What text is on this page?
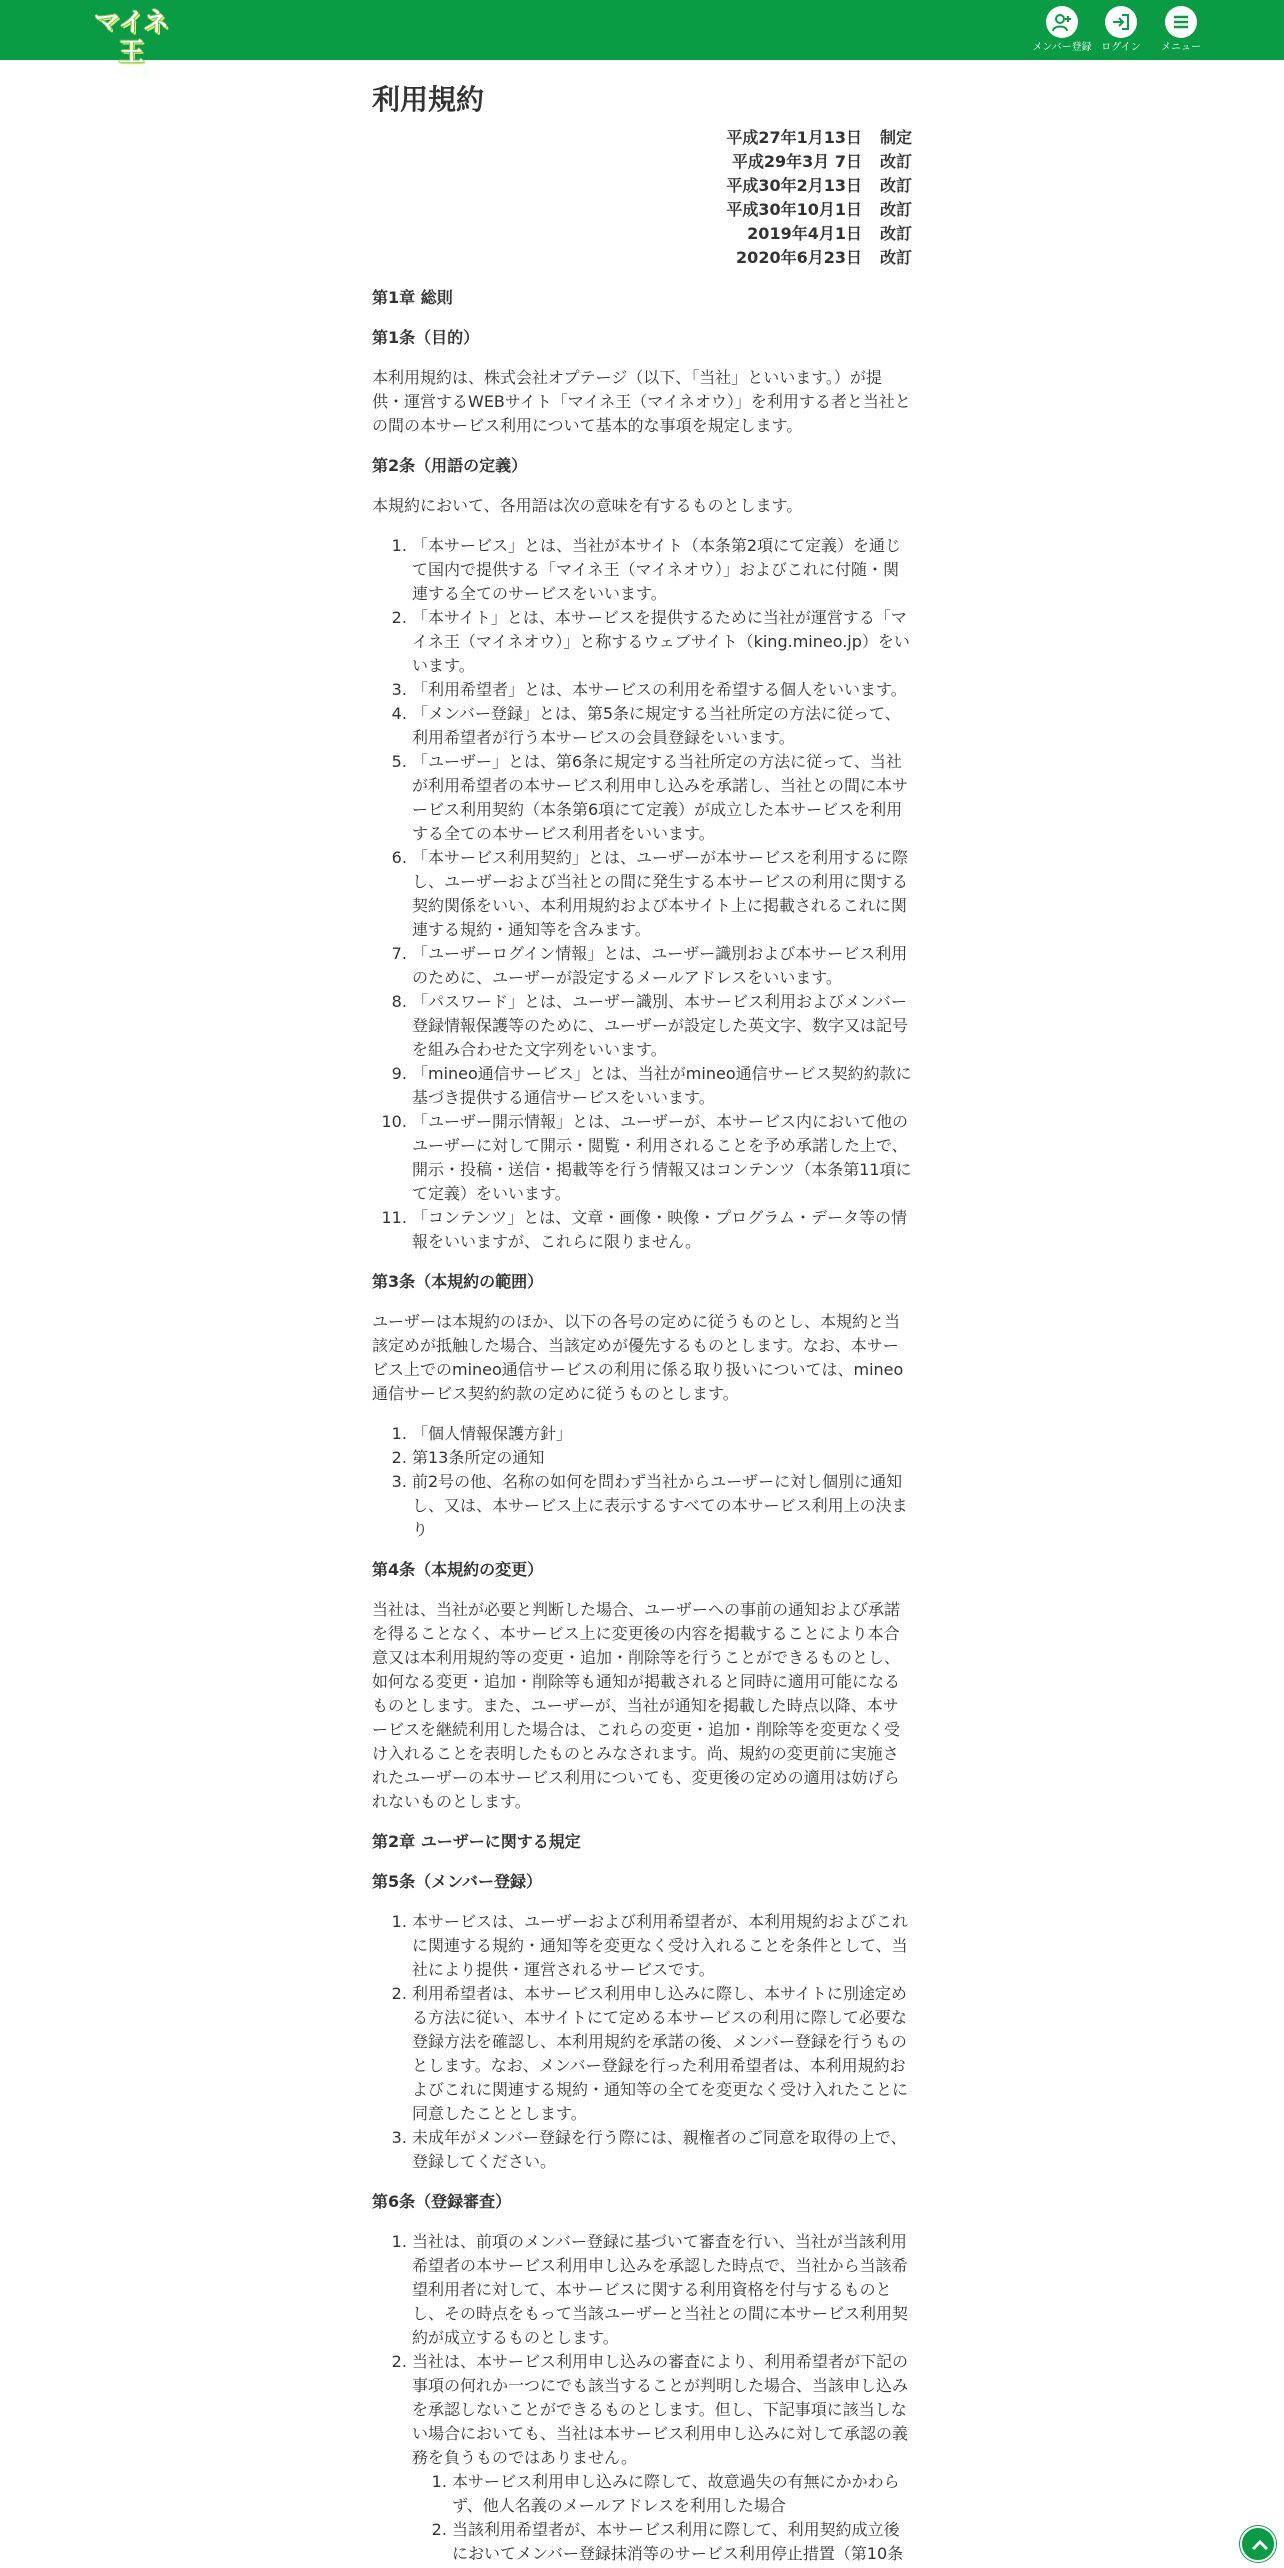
マイネ王
ベータ版
メンバー登録 ログイン	メニュー
利用規約
平成27年1月13日 制定
平成29年3月 7日 改訂
平成30年2月13日 改訂
平成30年10月1日 改訂
2019年4月1日 改訂
2020年6月23日 改訂
第1章 総則
第1条（目的）

本利用規約は、株式会社オプテージ（以下、「当社」といいます。）が提供・運営するWEBサイト「マイネ王（マイネオウ）」を利用する者と当社との間の本サービス利用について基本的な事項を規定します。

第2条（用語の定義）

本規約において、各用語は次の意味を有するものとします。

1. 「本サービス」とは、当社が本サイト（本条第2項にて定義）を通じて国内で提供する「マイネ王（マイネオウ）」およびこれに付随・関連する全てのサービスをいいます。
2. 「本サイト」とは、本サービスを提供するために当社が運営する「マイネ王（マイネオウ）」と称するウェブサイト（king.mineo.jp）をいいます。
3. 「利用希望者」とは、本サービスの利用を希望する個人をいいます。
4. 「メンバー登録」とは、第5条に規定する当社所定の方法に従って、利用希望者が行う本サービスの会員登録をいいます。
5. 「ユーザー」とは、第6条に規定する当社所定の方法に従って、当社が利用希望者の本サービス利用申し込みを承諾し、当社との間に本サービス利用契約（本条第6項にて定義）が成立した本サービスを利用する全ての本サービス利用者をいいます。
6. 「本サービス利用契約」とは、ユーザーが本サービスを利用するに際し、ユーザーおよび当社との間に発生する本サービスの利用に関する契約関係をいい、本利用規約および本サイト上に掲載されるこれに関連する規約・通知等を含みます。
7. 「ユーザーログイン情報」とは、ユーザー識別および本サービス利用のために、ユーザーが設定するメールアドレスをいいます。
8. 「パスワード」とは、ユーザー識別、本サービス利用およびメンバー登録情報保護等のために、ユーザーが設定した英文字、数字又は記号を組み合わせた文字列をいいます。
9. 「mineo通信サービス」とは、当社がmineo通信サービス契約約款に基づき提供する通信サービスをいいます。
10. 「ユーザー開示情報」とは、ユーザーが、本サービス内において他のユーザーに対して開示・閲覧・利用されることを予め承諾した上で、開示・投稿・送信・掲載等を行う情報又はコンテンツ（本条第11項にて定義）をいいます。
11. 「コンテンツ」とは、文章・画像・映像・プログラム・データ等の情報をいいますが、これらに限りません。
第3条（本規約の範囲）

ユーザーは本規約のほか、以下の各号の定めに従うものとし、本規約と当該定めが抵触した場合、当該定めが優先するものとします。なお、本サービス上でのmineo通信サービスの利用に係る取り扱いについては、mineo通信サービス契約約款の定めに従うものとします。

1. 「個人情報保護方針」
2. 第13条所定の通知
3. 前2号の他、名称の如何を問わず当社からユーザーに対し個別に通知し、又は、本サービス上に表示するすべての本サービス利用上の決まり
第4条（本規約の変更）

当社は、当社が必要と判断した場合、ユーザーへの事前の通知および承諾を得ることなく、本サービス上に変更後の内容を掲載することにより本合意又は本利用規約等の変更・追加・削除等を行うことができるものとし、如何なる変更・追加・削除等も通知が掲載されると同時に適用可能になるものとします。また、ユーザーが、当社が通知を掲載した時点以降、本サービスを継続利用した場合は、これらの変更・追加・削除等を変更なく受け入れることを表明したものとみなされます。尚、規約の変更前に実施されたユーザーの本サービス利用についても、変更後の定めの適用は妨げられないものとします。

第2章 ユーザーに関する規定
第5条（メンバー登録）
1. 本サービスは、ユーザーおよび利用希望者が、本利用規約およびこれに関連する規約・通知等を変更なく受け入れることを条件として、当社により提供・運営されるサービスです。
2. 利用希望者は、本サービス利用申し込みに際し、本サイトに別途定める方法に従い、本サイトにて定める本サービスの利用に際して必要な登録方法を確認し、本利用規約を承諾の後、メンバー登録を行うものとします。なお、メンバー登録を行った利用希望者は、本利用規約およびこれに関連する規約・通知等の全てを変更なく受け入れたことに同意したこととします。
3. 未成年がメンバー登録を行う際には、親権者のご同意を取得の上で、登録してください。
第6条（登録審査）
1. 当社は、前項のメンバー登録に基づいて審査を行い、当社が当該利用希望者の本サービス利用申し込みを承認した時点で、当社から当該希望利用者に対して、本サービスに関する利用資格を付与するものとし、その時点をもって当該ユーザーと当社との間に本サービス利用契約が成立するものとします。
2. 当社は、本サービス利用申し込みの審査により、利用希望者が下記の事項の何れか一つにでも該当することが判明した場合、当該申し込みを承認しないことができるものとします。但し、下記事項に該当しない場合においても、当社は本サービス利用申し込みに対して承認の義務を負うものではありません。
1. 本サービス利用申し込みに際して、故意過失の有無にかかわらず、他人名義のメールアドレスを利用した場合
2. 当該利用希望者が、本サービス利用に際して、利用契約成立後においてメンバー登録抹消等のサービス利用停止措置（第10条
